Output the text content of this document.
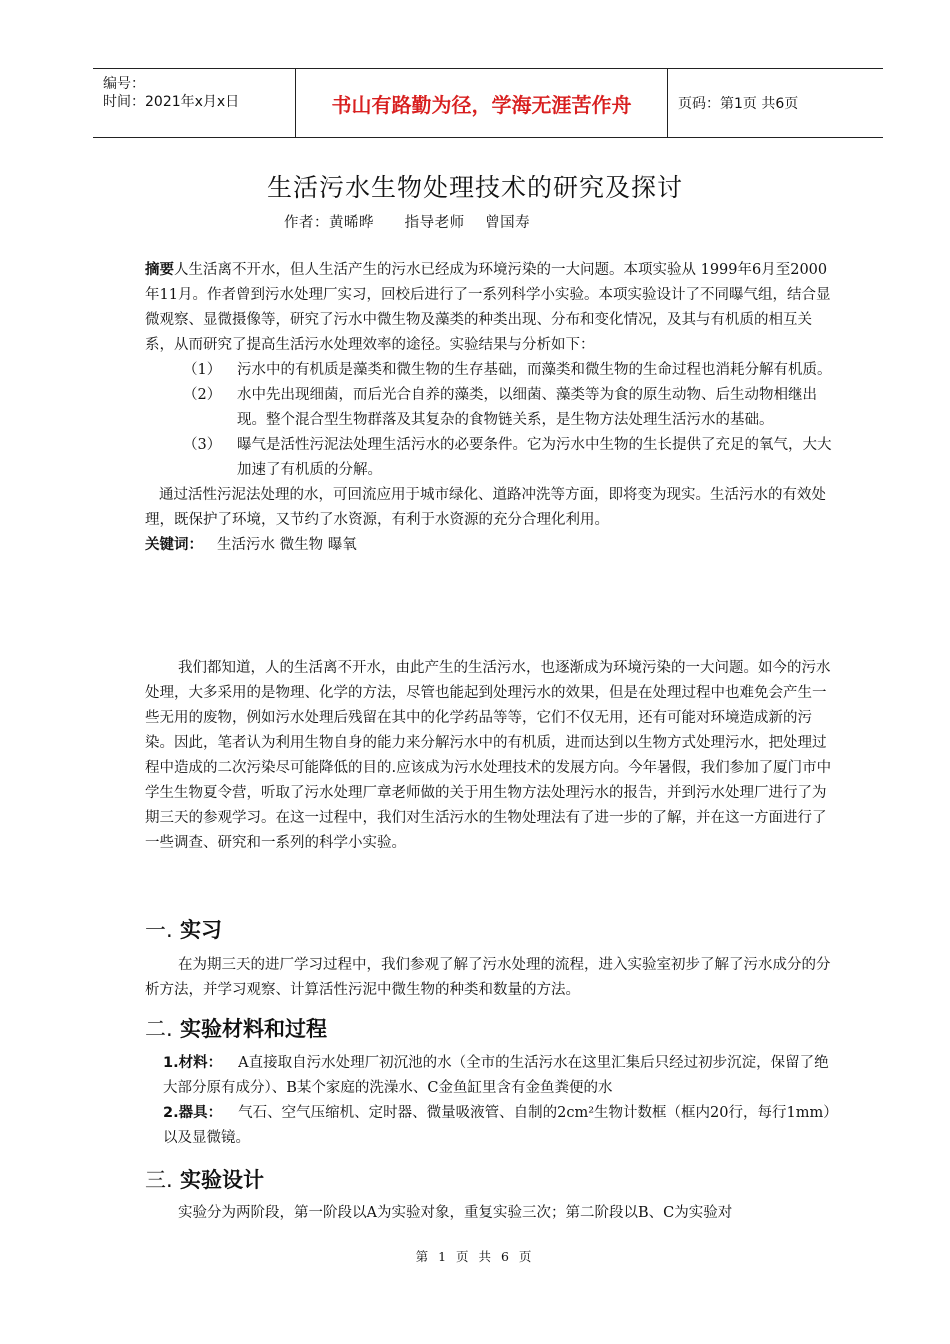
编号：
时间：2021年x月x日	书山有路勤为径，学海无涯苦作舟	页码：第1页 共6页
生活污水生物处理技术的研究及探讨
作者：黄晞晔      指导老师    曾国寿

摘要人生活离不开水，但人生活产生的污水已经成为环境污染的一大问题。本项实验从 1999年6月至2000年11月。作者曾到污水处理厂实习，回校后进行了一系列科学小实验。本项实验设计了不同曝气组，结合显微观察、显微摄像等，研究了污水中微生物及藻类的种类出现、分布和变化情况，及其与有机质的相互关系，从而研究了提高生活污水处理效率的途径。实验结果与分析如下：

（1）	污水中的有机质是藻类和微生物的生存基础，而藻类和微生物的生命过程也消耗分解有机质。
（2）	水中先出现细菌，而后光合自养的藻类，以细菌、藻类等为食的原生动物、后生动物相继出现。整个混合型生物群落及其复杂的食物链关系，是生物方法处理生活污水的基础。
（3）	曝气是活性污泥法处理生活污水的必要条件。它为污水中生物的生长提供了充足的氧气，大大加速了有机质的分解。

通过活性污泥法处理的水，可回流应用于城市绿化、道路冲洗等方面，即将变为现实。生活污水的有效处理，既保护了环境，又节约了水资源，有利于水资源的充分合理化利用。

关键词： 生活污水 微生物 曝氧

我们都知道，人的生活离不开水，由此产生的生活污水，也逐渐成为环境污染的一大问题。如今的污水处理，大多采用的是物理、化学的方法，尽管也能起到处理污水的效果，但是在处理过程中也难免会产生一些无用的废物，例如污水处理后残留在其中的化学药品等等，它们不仅无用，还有可能对环境造成新的污染。因此，笔者认为利用生物自身的能力来分解污水中的有机质，进而达到以生物方式处理污水，把处理过程中造成的二次污染尽可能降低的目的.应该成为污水处理技术的发展方向。今年暑假，我们参加了厦门市中学生生物夏令营，听取了污水处理厂章老师做的关于用生物方法处理污水的报告，并到污水处理厂进行了为期三天的参观学习。在这一过程中，我们对生活污水的生物处理法有了进一步的了解，并在这一方面进行了一些调查、研究和一系列的科学小实验。

一. 实习

在为期三天的进厂学习过程中，我们参观了解了污水处理的流程，进入实验室初步了解了污水成分的分析方法，并学习观察、计算活性污泥中微生物的种类和数量的方法。

二. 实验材料和过程

1.材料： A直接取自污水处理厂初沉池的水（全市的生活污水在这里汇集后只经过初步沉淀，保留了绝大部分原有成分）、B某个家庭的洗澡水、C金鱼缸里含有金鱼粪便的水

2.器具： 气石、空气压缩机、定时器、微量吸液管、自制的2cm²生物计数框（框内20行，每行1mm）以及显微镜。

三. 实验设计

实验分为两阶段，第一阶段以A为实验对象，重复实验三次；第二阶段以B、C为实验对

第 1 页 共 6 页
